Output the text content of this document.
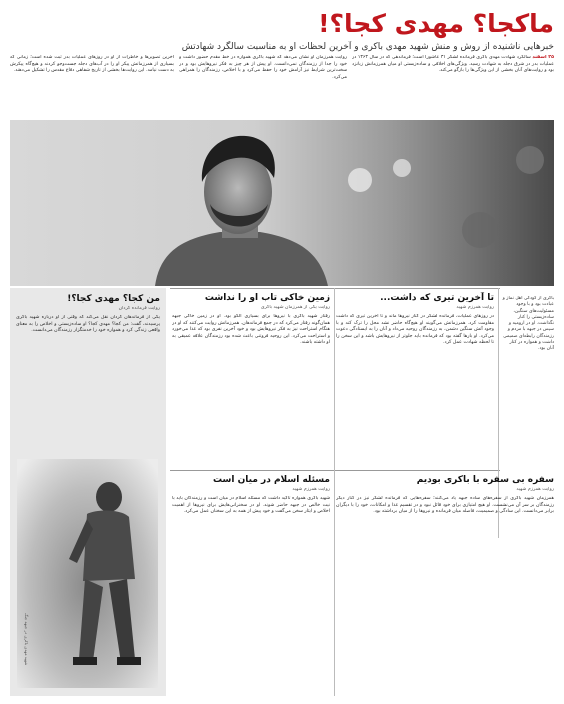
ماکجا؟ مهدی کجا؟!
خبرهایی ناشنیده از روش و منش شهید مهدی باکری و آخرین لحظات او به مناسبت سالگرد شهادتش

۲۵ اسفند سالگرد شهادت مهدی باکری فرمانده لشکر ۳۱ عاشورا است؛ فرماندهی که در سال ۱۳۶۳ در عملیات بدر در شرق دجله به شهادت رسید. ویژگی‌های اخلاقی و ساده‌زیستی او میان همرزمانش زبانزد بود و روایت‌های آنان بخشی از این ویژگی‌ها را بازگو می‌کند.

روایت همرزمان او نشان می‌دهد که شهید باکری همواره در خط مقدم حضور داشت و خود را جدا از رزمندگان نمی‌دانست. او پیش از هر چیز به فکر نیروهایش بود و در سخت‌ترین شرایط نیز آرامش خود را حفظ می‌کرد و با اخلاص، رزمندگان را همراهی می‌کرد.

آخرین تصویرها و خاطرات از او در روزهای عملیات بدر ثبت شده است؛ زمانی که بسیاری از همرزمانش پیکر او را در آب‌های دجله جست‌وجو کردند و هیچ‌گاه پیکرش به دست نیامد. این روایت‌ها بخشی از تاریخ شفاهی دفاع مقدس را تشکیل می‌دهند.

تا آخرین تیری که داشت...
روایت همرزم شهید

در روزهای عملیات، فرمانده لشکر در کنار نیروها ماند و تا آخرین تیری که داشت مقاومت کرد. همرزمانش می‌گویند او هیچ‌گاه حاضر نشد محل را ترک کند و با وجود آتش سنگین دشمن، به رزمندگان روحیه می‌داد و آنان را به ایستادگی دعوت می‌کرد. او بارها گفته بود که فرمانده باید جلوتر از نیروهایش باشد و این سخن را تا لحظه شهادت عمل کرد.

باکری از کودکی اهل نماز و عبادت بود و با وجود مسئولیت‌های سنگین، ساده‌زیستی را کنار نگذاشت. او در ارومیه و سپس در جبهه با مردم و رزمندگان رابطه‌ای صمیمی داشت و همواره در کنار آنان بود.

زمین خاکی تاب او را نداشت
روایت یکی از همرزمان شهید باکری

رفتار شهید باکری با نیروها برای بسیاری الگو بود. او در زمین خاکی جبهه همان‌گونه رفتار می‌کرد که در جمع فرماندهان. همرزمانش روایت می‌کنند که او در هنگام استراحت نیز به فکر نیروهایش بود و خود آخرین نفری بود که غذا می‌خورد و استراحت می‌کرد. این روحیه فروتنی باعث شده بود رزمندگان علاقه عمیقی به او داشته باشند.

سفره بی سفره با باکری بودیم
روایت همرزم شهید

همرزمان شهید باکری از سفره‌های ساده جبهه یاد می‌کنند؛ سفره‌هایی که فرمانده لشکر نیز در کنار دیگر رزمندگان بر سر آن می‌نشست. او هیچ امتیازی برای خود قائل نبود و در تقسیم غذا و امکانات، خود را با دیگران برابر می‌دانست. این سادگی و صمیمیت، فاصله میان فرمانده و نیروها را از میان برداشته بود.

مسئله اسلام در میان است
روایت همرزم شهید

شهید باکری همواره تأکید داشت که مسئله اسلام در میان است و رزمندگان باید با نیت خالص در جبهه حاضر شوند. او در سخنرانی‌هایش برای نیروها از اهمیت اخلاص و ایثار سخن می‌گفت و خود پیش از همه به این سخنان عمل می‌کرد.

من کجا؟ مهدی کجا؟!
روایت فرمانده گردان

یکی از فرماندهان گردان نقل می‌کند که وقتی از او درباره شهید باکری پرسیدند، گفت: من کجا؟ مهدی کجا؟ او ساده‌زیستی و اخلاص را به معنای واقعی زندگی کرد و همواره خود را خدمتگزار رزمندگان می‌دانست.

شهید مهدی باکری در جبهه جنگ
